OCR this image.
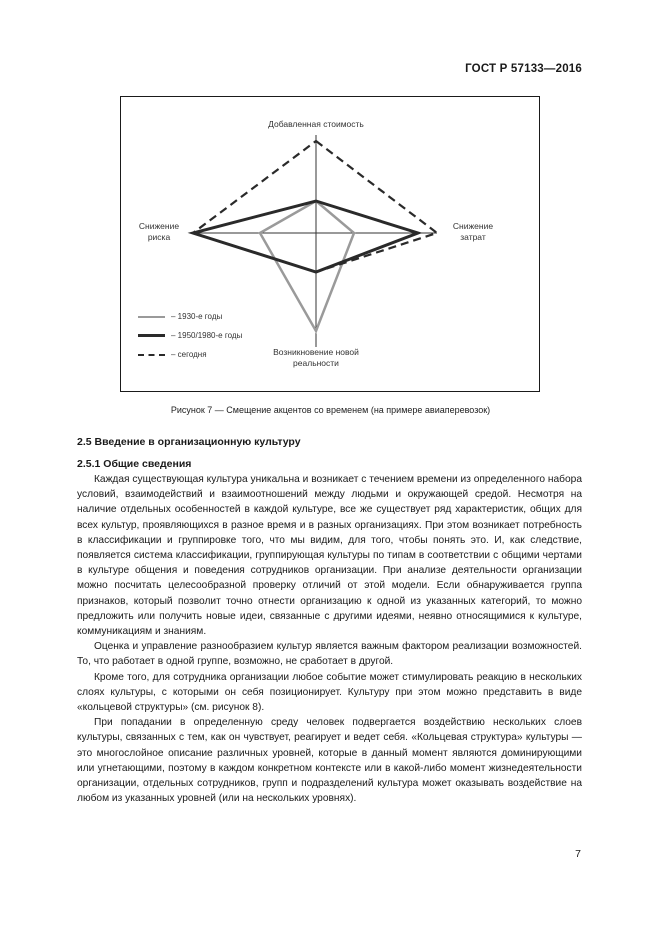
ГОСТ Р 57133—2016
Добавленная стоимость
Снижение
затрат
Снижение
риска
Возникновение новой
реальности
– 1930-е годы
– 1950/1980-е годы
– сегодня
Рисунок 7 — Смещение акцентов со временем (на примере авиаперевозок)
2.5 Введение в организационную культуру
2.5.1 Общие сведения

Каждая существующая культура уникальна и возникает с течением времени из определенного набора условий, взаимодействий и взаимоотношений между людьми и окружающей средой. Несмотря на наличие отдельных особенностей в каждой культуре, все же существует ряд характеристик, общих для всех культур, проявляющихся в разное время и в разных организациях. При этом возникает потребность в классификации и группировке того, что мы видим, для того, чтобы понять это. И, как следствие, появляется система классификации, группирующая культуры по типам в соответствии с общими чертами в культуре общения и поведения сотрудников организации. При анализе деятельности организации можно посчитать целесообразной проверку отличий от этой модели. Если обнаруживается группа признаков, который позволит точно отнести организацию к одной из указанных категорий, то можно предложить или получить новые идеи, связанные с другими идеями, неявно относящимися к культуре, коммуникациям и знаниям.

Оценка и управление разнообразием культур является важным фактором реализации возможностей. То, что работает в одной группе, возможно, не сработает в другой.

Кроме того, для сотрудника организации любое событие может стимулировать реакцию в нескольких слоях культуры, с которыми он себя позиционирует. Культуру при этом можно представить в виде «кольцевой структуры» (см. рисунок 8).

При попадании в определенную среду человек подвергается воздействию нескольких слоев культуры, связанных с тем, как он чувствует, реагирует и ведет себя. «Кольцевая структура» культуры — это многослойное описание различных уровней, которые в данный момент являются доминирующими или угнетающими, поэтому в каждом конкретном контексте или в какой-либо момент жизнедеятельности организации, отдельных сотрудников, групп и подразделений культура может оказывать воздействие на любом из указанных уровней (или на нескольких уровнях).

7
